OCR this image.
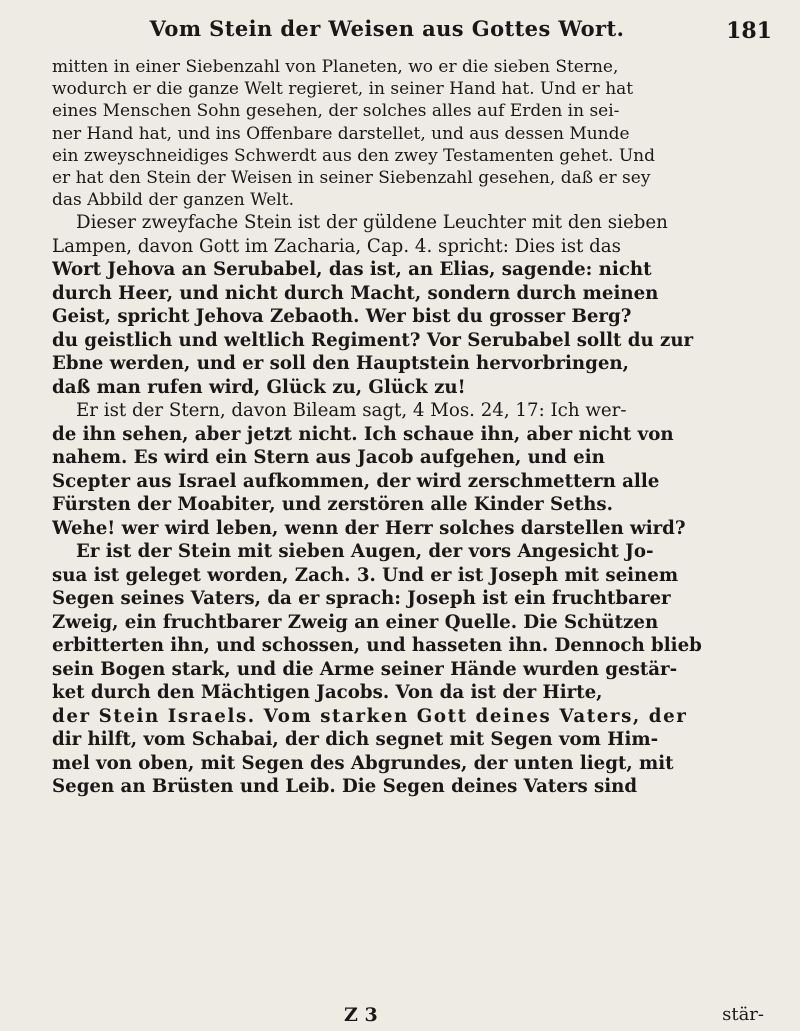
Vom Stein der Weisen aus Gottes Wort.	181
mitten in einer Siebenzahl von Planeten, wo er die sieben Sterne,
wodurch er die ganze Welt regieret, in seiner Hand hat. Und er hat
eines Menschen Sohn gesehen, der solches alles auf Erden in sei-
ner Hand hat, und ins Offenbare darstellet, und aus dessen Munde
ein zweyschneidiges Schwerdt aus den zwey Testamenten gehet. Und
er hat den Stein der Weisen in seiner Siebenzahl gesehen, daß er sey
das Abbild der ganzen Welt.
Dieser zweyfache Stein ist der güldene Leuchter mit den sieben
Lampen, davon Gott im Zacharia, Cap. 4. spricht: Dies ist das
Wort Jehova an Serubabel, das ist, an Elias, sagende: nicht
durch Heer, und nicht durch Macht, sondern durch meinen
Geist, spricht Jehova Zebaoth. Wer bist du grosser Berg?
du geistlich und weltlich Regiment? Vor Serubabel sollt du zur
Ebne werden, und er soll den Hauptstein hervorbringen,
daß man rufen wird, Glück zu, Glück zu!
Er ist der Stern, davon Bileam sagt, 4 Mos. 24, 17: Ich wer-
de ihn sehen, aber jetzt nicht. Ich schaue ihn, aber nicht von
nahem. Es wird ein Stern aus Jacob aufgehen, und ein
Scepter aus Israel aufkommen, der wird zerschmettern alle
Fürsten der Moabiter, und zerstören alle Kinder Seths.
Wehe! wer wird leben, wenn der Herr solches darstellen wird?
Er ist der Stein mit sieben Augen, der vors Angesicht Jo-
sua ist geleget worden, Zach. 3. Und er ist Joseph mit seinem
Segen seines Vaters, da er sprach: Joseph ist ein fruchtbarer
Zweig, ein fruchtbarer Zweig an einer Quelle. Die Schützen
erbitterten ihn, und schossen, und hasseten ihn. Dennoch blieb
sein Bogen stark, und die Arme seiner Hände wurden gestär-
ket durch den Mächtigen Jacobs. Von da ist der Hirte,
der Stein Israels. Vom starken Gott deines Vaters, der
dir hilft, vom Schabai, der dich segnet mit Segen vom Him-
mel von oben, mit Segen des Abgrundes, der unten liegt, mit
Segen an Brüsten und Leib. Die Segen deines Vaters sind
Z 3	stär-
